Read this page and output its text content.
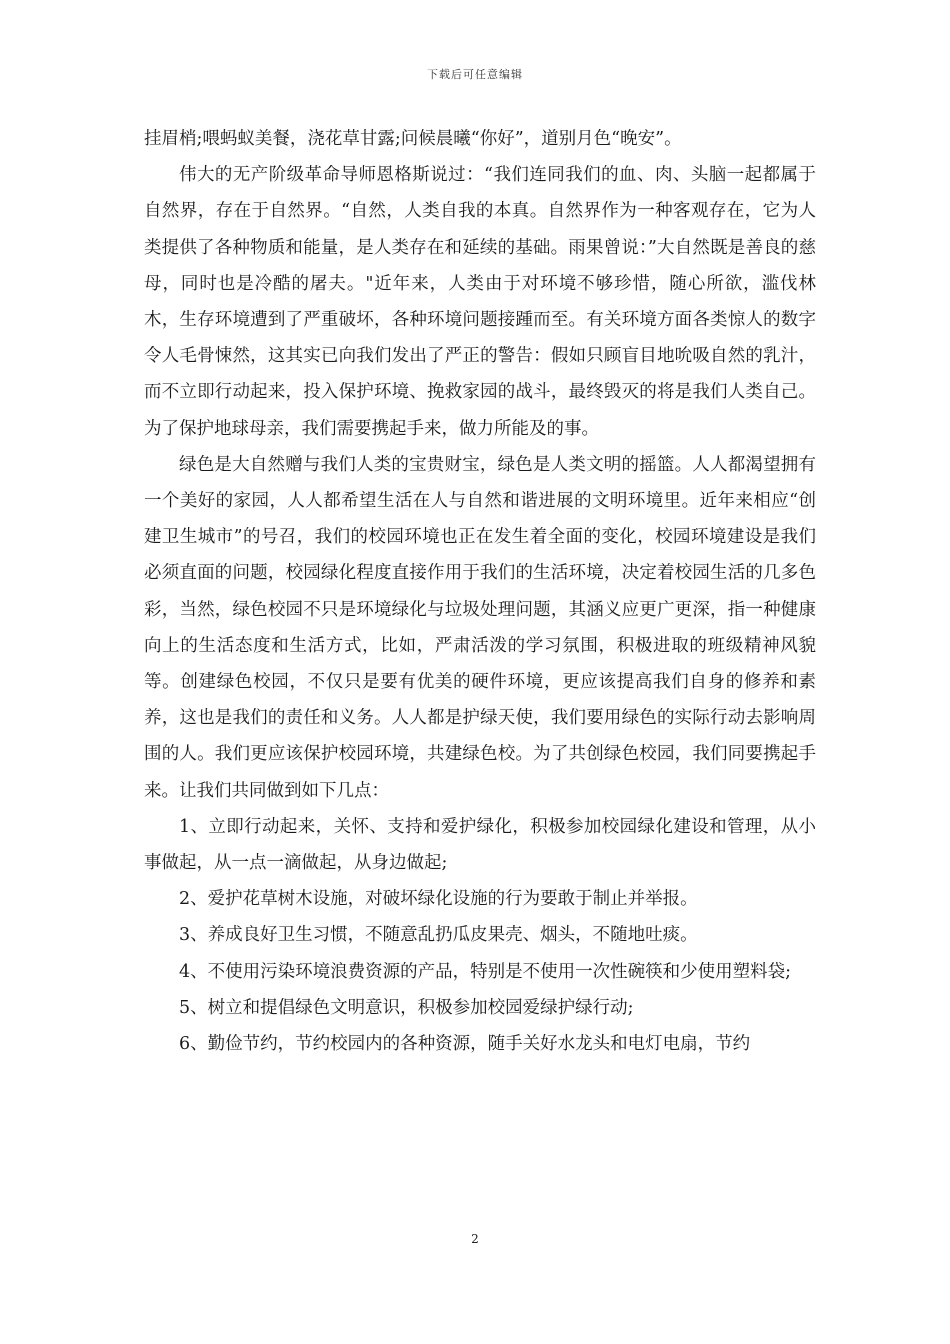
下载后可任意编辑

挂眉梢;喂蚂蚁美餐，浇花草甘露;问候晨曦“你好”，道别月色“晚安”。

伟大的无产阶级革命导师恩格斯说过：“我们连同我们的血、肉、头脑一起都属于自然界，存在于自然界。“自然，人类自我的本真。自然界作为一种客观存在，它为人类提供了各种物质和能量，是人类存在和延续的基础。雨果曾说：”大自然既是善良的慈母，同时也是冷酷的屠夫。"近年来，人类由于对环境不够珍惜，随心所欲，滥伐林木，生存环境遭到了严重破坏，各种环境问题接踵而至。有关环境方面各类惊人的数字令人毛骨悚然，这其实已向我们发出了严正的警告：假如只顾盲目地吮吸自然的乳汁，而不立即行动起来，投入保护环境、挽救家园的战斗，最终毁灭的将是我们人类自己。为了保护地球母亲，我们需要携起手来，做力所能及的事。

绿色是大自然赠与我们人类的宝贵财宝，绿色是人类文明的摇篮。人人都渴望拥有一个美好的家园，人人都希望生活在人与自然和谐进展的文明环境里。近年来相应“创建卫生城市”的号召，我们的校园环境也正在发生着全面的变化，校园环境建设是我们必须直面的问题，校园绿化程度直接作用于我们的生活环境，决定着校园生活的几多色彩，当然，绿色校园不只是环境绿化与垃圾处理问题，其涵义应更广更深，指一种健康向上的生活态度和生活方式，比如，严肃活泼的学习氛围，积极进取的班级精神风貌等。创建绿色校园，不仅只是要有优美的硬件环境，更应该提高我们自身的修养和素养，这也是我们的责任和义务。人人都是护绿天使，我们要用绿色的实际行动去影响周围的人。我们更应该保护校园环境，共建绿色校。为了共创绿色校园，我们同要携起手来。让我们共同做到如下几点：

1、立即行动起来，关怀、支持和爱护绿化，积极参加校园绿化建设和管理，从小事做起，从一点一滴做起，从身边做起;

2、爱护花草树木设施，对破坏绿化设施的行为要敢于制止并举报。

3、养成良好卫生习惯，不随意乱扔瓜皮果壳、烟头，不随地吐痰。

4、不使用污染环境浪费资源的产品，特别是不使用一次性碗筷和少使用塑料袋;

5、树立和提倡绿色文明意识，积极参加校园爱绿护绿行动;

6、勤俭节约，节约校园内的各种资源，随手关好水龙头和电灯电扇，节约

2
